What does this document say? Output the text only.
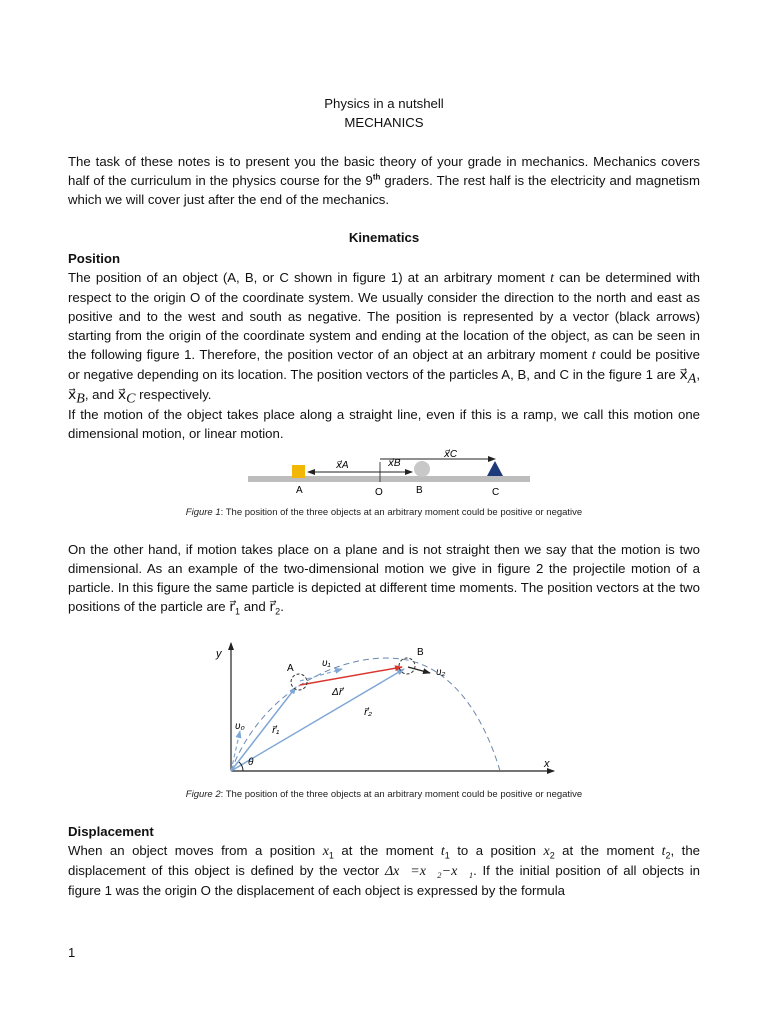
Physics in a nutshell
MECHANICS

The task of these notes is to present you the basic theory of your grade in mechanics. Mechanics covers half of the curriculum in the physics course for the 9th graders. The rest half is the electricity and magnetism which we will cover just after the end of the mechanics.

Kinematics
Position

The position of an object (A, B, or C shown in figure 1) at an arbitrary moment t can be determined with respect to the origin O of the coordinate system. We usually consider the direction to the north and east as positive and to the west and south as negative. The position is represented by a vector (black arrows) starting from the origin of the coordinate system and ending at the location of the object, as can be seen in the following figure 1. Therefore, the position vector of an object at an arbitrary moment t could be positive or negative depending on its location. The position vectors of the particles A, B, and C in the figure 1 are $x⃗_A$, $x⃗_B$, and $x⃗_C$ respectively.

If the motion of the object takes place along a straight line, even if this is a ramp, we call this motion one dimensional motion, or linear motion.

x⃗A	x⃗B
x⃗C
A	O	B	C
Figure 1: The position of the three objects at an arbitrary moment could be positive or negative

On the other hand, if motion takes place on a plane and is not straight then we say that the motion is two dimensional. As an example of the two-dimensional motion we give in figure 2 the projectile motion of a particle. In this figure the same particle is depicted at different time moments. The position vectors at the two positions of the particle are $r⃗_1$ and $r⃗_2$.

y
x
A
B
υ₀
υ₁
υ₂
Δr⃗
r⃗₁
r⃗₂
θ
Figure 2: The position of the three objects at an arbitrary moment could be positive or negative
Displacement

When an object moves from a position $x_1$ at the moment $t_1$ to a position $x_2$ at the moment $t_2$, the displacement of this object is defined by the vector Δx⃗=x⃗₂−x⃗₁. If the initial position of all objects in figure 1 was the origin O the displacement of each object is expressed by the formula

1
